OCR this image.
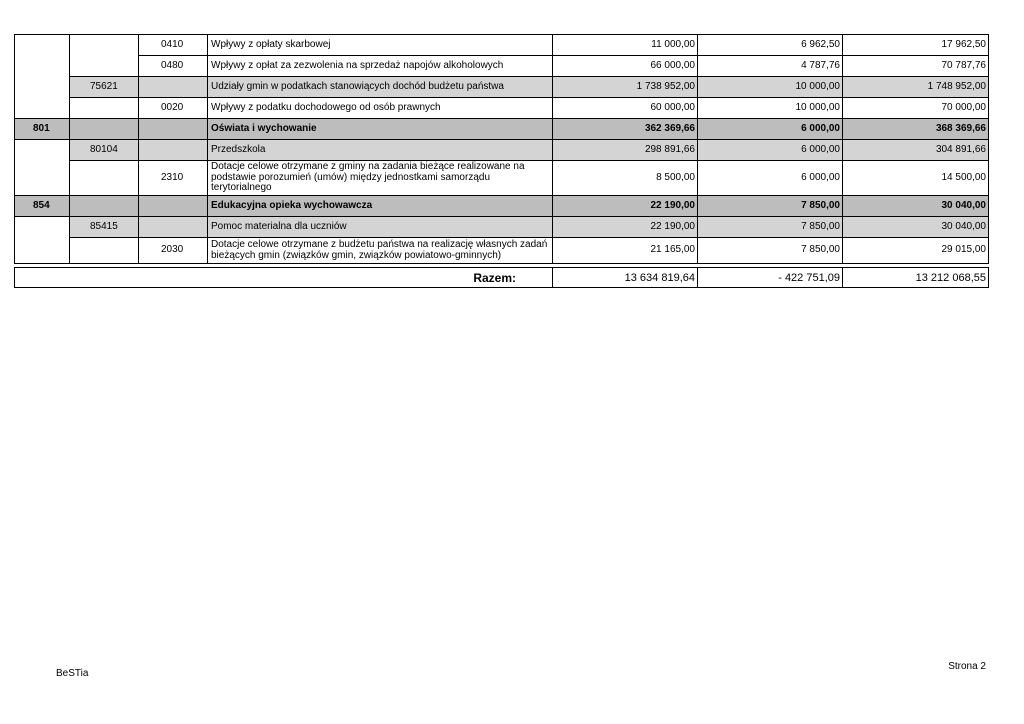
		0410	Wpływy z opłaty skarbowej	11 000,00	6 962,50	17 962,50
		0480	Wpływy z opłat za zezwolenia na sprzedaż napojów alkoholowych	66 000,00	4 787,76	70 787,76
	75621		Udziały gmin w podatkach stanowiących dochód budżetu państwa	1 738 952,00	10 000,00	1 748 952,00
		0020	Wpływy z podatku dochodowego od osób prawnych	60 000,00	10 000,00	70 000,00
801			Oświata i wychowanie	362 369,66	6 000,00	368 369,66
	80104		Przedszkola	298 891,66	6 000,00	304 891,66
		2310	Dotacje celowe otrzymane z gminy na zadania bieżące realizowane na podstawie porozumień (umów) między jednostkami samorządu terytorialnego	8 500,00	6 000,00	14 500,00
854			Edukacyjna opieka wychowawcza	22 190,00	7 850,00	30 040,00
	85415		Pomoc materialna dla uczniów	22 190,00	7 850,00	30 040,00
		2030	Dotacje celowe otrzymane z budżetu państwa na realizację własnych zadań bieżących gmin (związków gmin, związków powiatowo-gminnych)	21 165,00	7 850,00	29 015,00
Razem:	13 634 819,64	- 422 751,09	13 212 068,55
BeSTia
Strona 2
